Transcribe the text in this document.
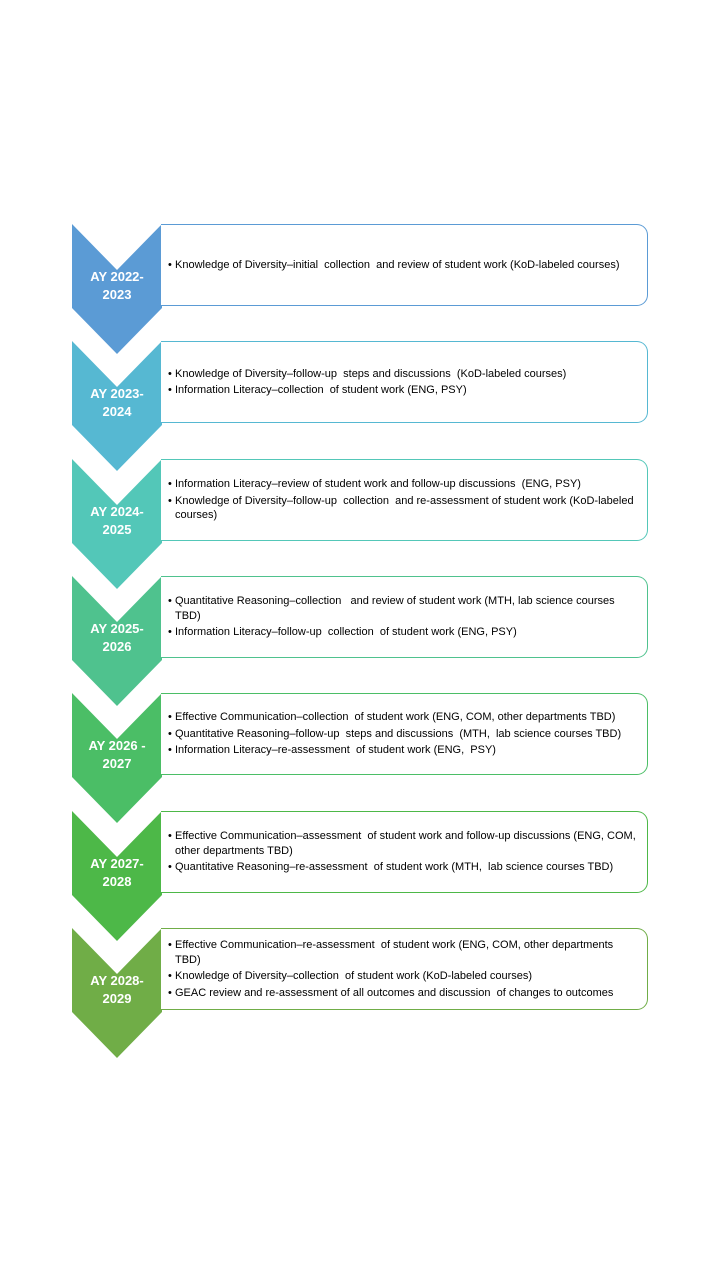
AY 2022-
2023
• Knowledge of Diversity–initial  collection  and review of student work (KoD-labeled courses)
AY 2023-
2024
• Knowledge of Diversity–follow-up  steps and discussions  (KoD-labeled courses)
• Information Literacy–collection  of student work (ENG, PSY)
AY 2024-
2025
• Information Literacy–review of student work and follow-up discussions  (ENG, PSY)
• Knowledge of Diversity–follow-up  collection  and re-assessment of student work (KoD-labeled courses)
AY 2025-
2026
• Quantitative Reasoning–collection   and review of student work (MTH, lab science courses TBD)
• Information Literacy–follow-up  collection  of student work (ENG, PSY)
AY 2026 -
2027
• Effective Communication–collection  of student work (ENG, COM, other departments TBD)
• Quantitative Reasoning–follow-up  steps and discussions  (MTH,  lab science courses TBD)
• Information Literacy–re-assessment  of student work (ENG,  PSY)
AY 2027-
2028
• Effective Communication–assessment  of student work and follow-up discussions (ENG, COM,  other departments TBD)
• Quantitative Reasoning–re-assessment  of student work (MTH,  lab science courses TBD)
AY 2028-
2029
• Effective Communication–re-assessment  of student work (ENG, COM, other departments TBD)
• Knowledge of Diversity–collection  of student work (KoD-labeled courses)
• GEAC review and re-assessment of all outcomes and discussion  of changes to outcomes
